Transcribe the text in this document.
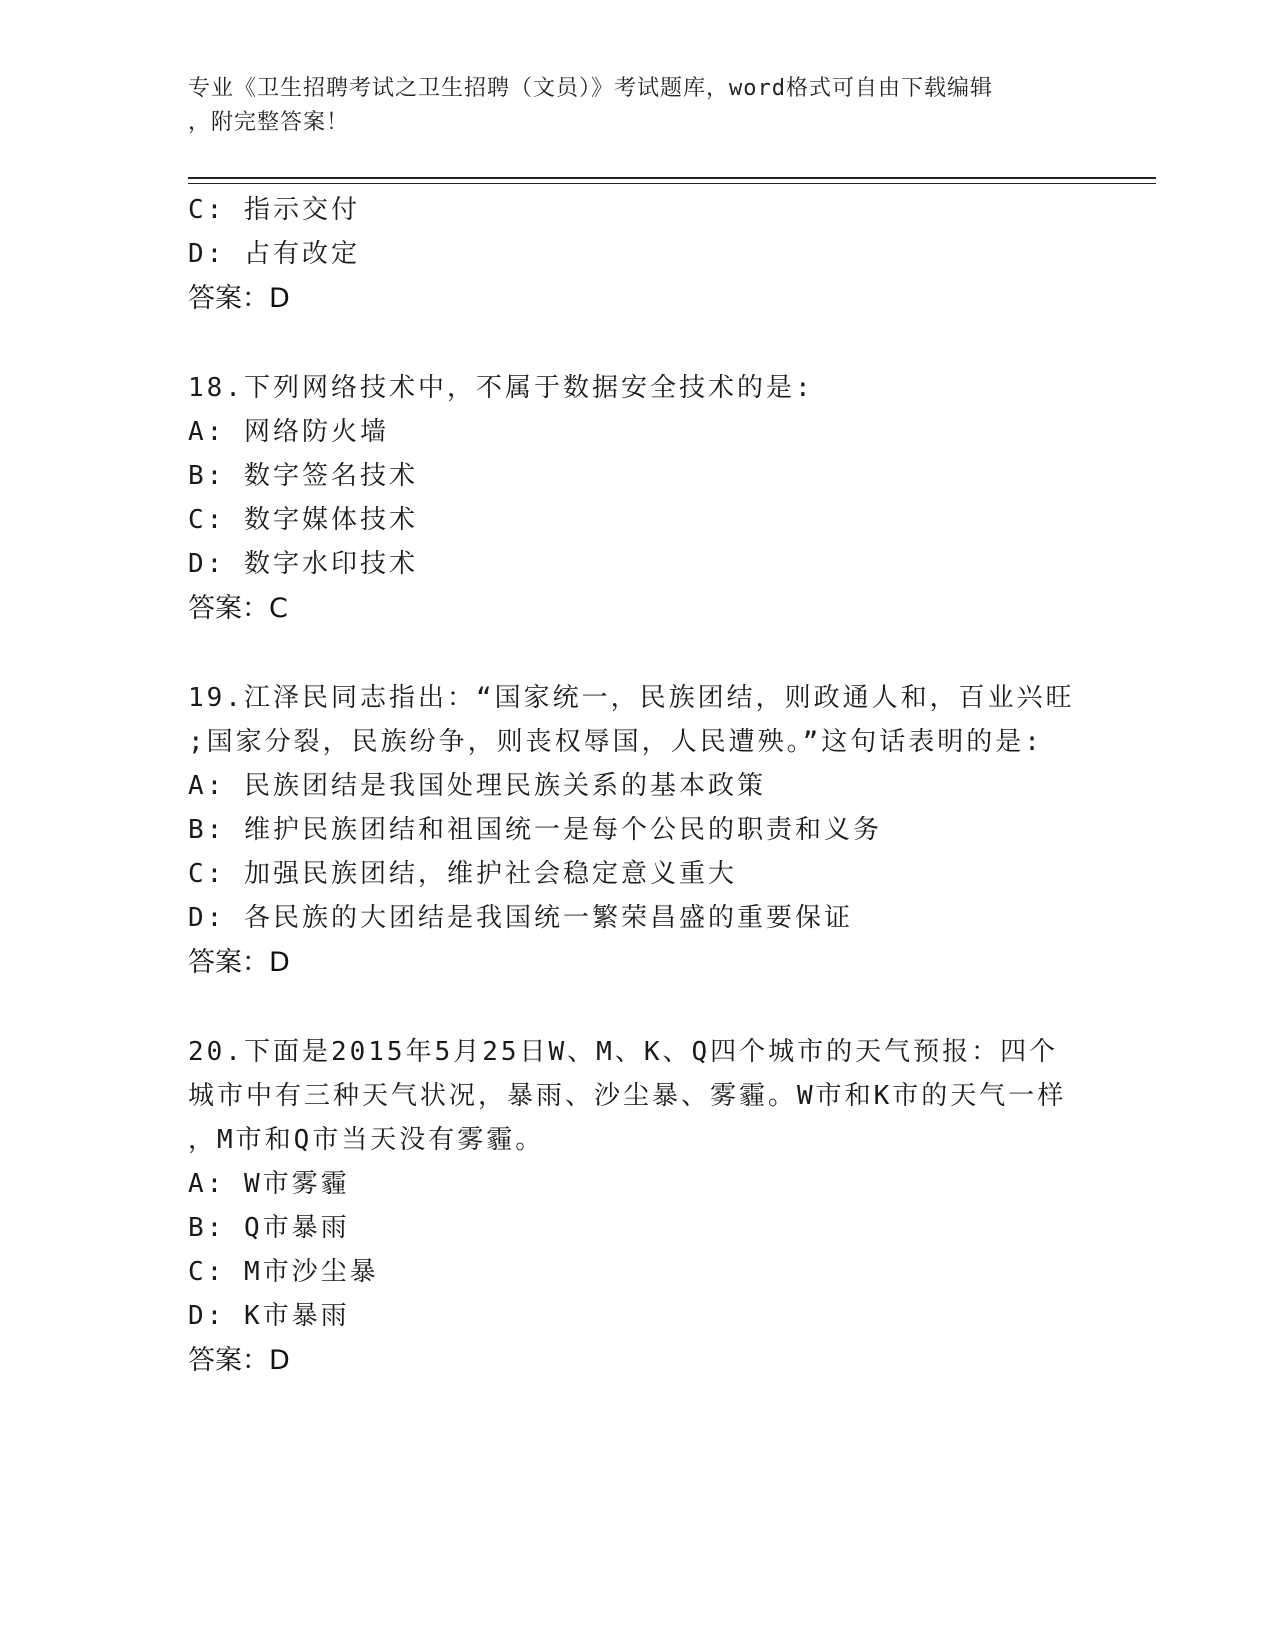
专业《卫生招聘考试之卫生招聘（文员）》考试题库，word格式可自由下载编辑
，附完整答案！
C: 指示交付
D: 占有改定
答案：D
18.下列网络技术中，不属于数据安全技术的是:
A: 网络防火墙
B: 数字签名技术
C: 数字媒体技术
D: 数字水印技术
答案：C
19.江泽民同志指出：“国家统一，民族团结，则政通人和，百业兴旺
;国家分裂，民族纷争，则丧权辱国，人民遭殃。”这句话表明的是:
A: 民族团结是我国处理民族关系的基本政策
B: 维护民族团结和祖国统一是每个公民的职责和义务
C: 加强民族团结，维护社会稳定意义重大
D: 各民族的大团结是我国统一繁荣昌盛的重要保证
答案：D
20.下面是2015年5月25日W、M、K、Q四个城市的天气预报：四个
城市中有三种天气状况，暴雨、沙尘暴、雾霾。W市和K市的天气一样
，M市和Q市当天没有雾霾。
A: W市雾霾
B: Q市暴雨
C: M市沙尘暴
D: K市暴雨
答案：D
